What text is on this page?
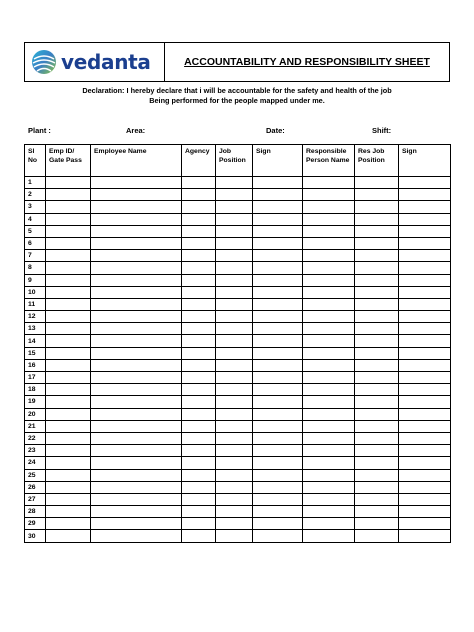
vedanta	ACCOUNTABILITY AND RESPONSIBILITY SHEET
Declaration: I hereby declare that i will be accountable for the safety and health of the job
Being performed for the people mapped under me.
Plant :	Area:	Date:	Shift:
Sl No	Emp ID/ Gate Pass	Employee Name	Agency	Job Position	Sign	Responsible Person Name	Res Job Position	Sign
1								
2								
3								
4								
5								
6								
7								
8								
9								
10								
11								
12								
13								
14								
15								
16								
17								
18								
19								
20								
21								
22								
23								
24								
25								
26								
27								
28								
29								
30								
